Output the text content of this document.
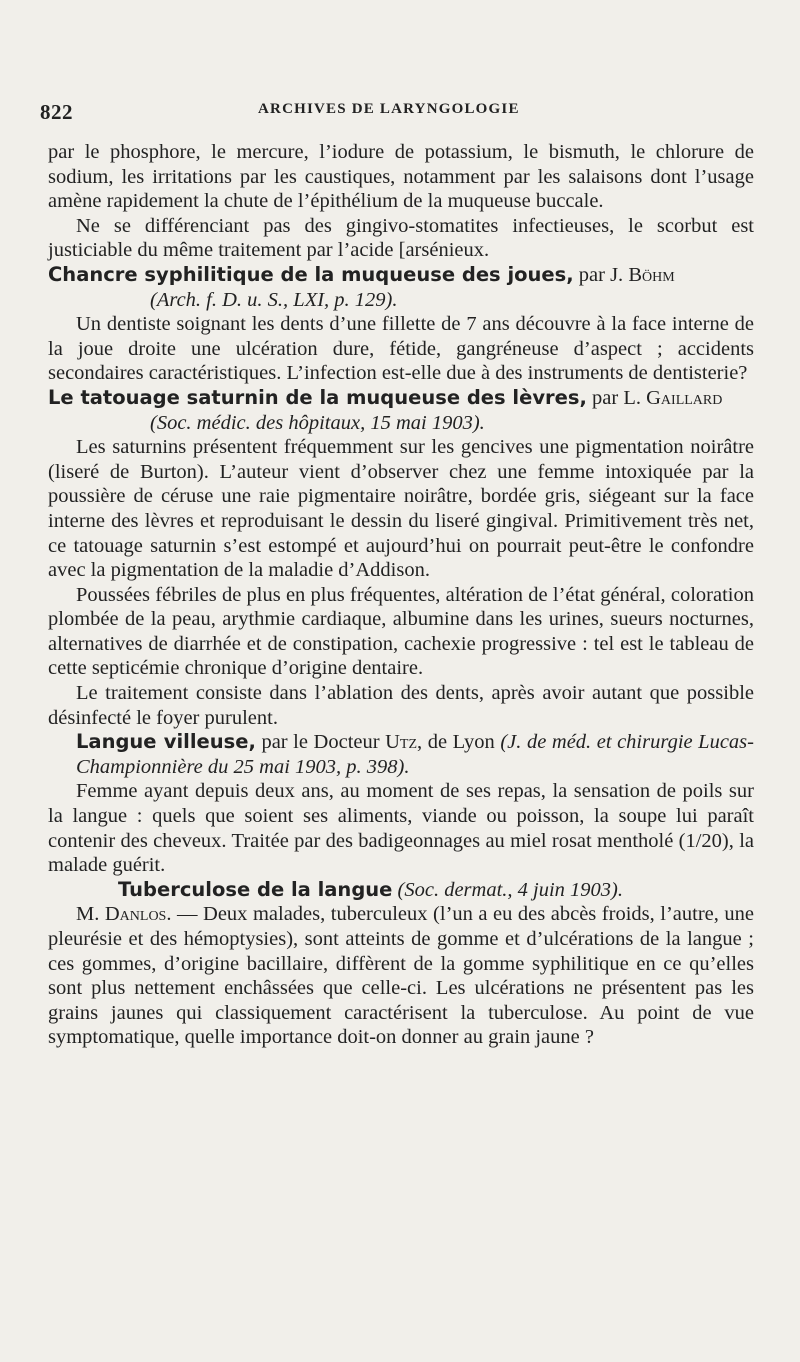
822	ARCHIVES DE LARYNGOLOGIE

par le phosphore, le mercure, l’iodure de potassium, le bismuth, le chlorure de sodium, les irritations par les caustiques, notamment par les salaisons dont l’usage amène rapidement la chute de l’épithélium de la muqueuse buccale.

Ne se différenciant pas des gingivo-stomatites infectieuses, le scorbut est justiciable du même traitement par l’acide [arsénieux.

Chancre syphilitique de la muqueuse des joues, par J. Böhm
(Arch. f. D. u. S., LXI, p. 129).

Un dentiste soignant les dents d’une fillette de 7 ans découvre à la face interne de la joue droite une ulcération dure, fétide, gangréneuse d’aspect ; accidents secondaires caractéristiques. L’infection est-elle due à des instruments de dentisterie?

Le tatouage saturnin de la muqueuse des lèvres, par L. Gaillard
(Soc. médic. des hôpitaux, 15 mai 1903).

Les saturnins présentent fréquemment sur les gencives une pigmentation noirâtre (liseré de Burton). L’auteur vient d’observer chez une femme intoxiquée par la poussière de céruse une raie pigmentaire noirâtre, bordée gris, siégeant sur la face interne des lèvres et reproduisant le dessin du liseré gingival. Primitivement très net, ce tatouage saturnin s’est estompé et aujourd’hui on pourrait peut-être le confondre avec la pigmentation de la maladie d’Addison.

Poussées fébriles de plus en plus fréquentes, altération de l’état général, coloration plombée de la peau, arythmie cardiaque, albumine dans les urines, sueurs nocturnes, alternatives de diarrhée et de constipation, cachexie progressive : tel est le tableau de cette septicémie chronique d’origine dentaire.

Le traitement consiste dans l’ablation des dents, après avoir autant que possible désinfecté le foyer purulent.

Langue villeuse, par le Docteur Utz, de Lyon (J. de méd. et chirurgie Lucas-Championnière du 25 mai 1903, p. 398).

Femme ayant depuis deux ans, au moment de ses repas, la sensation de poils sur la langue : quels que soient ses aliments, viande ou poisson, la soupe lui paraît contenir des cheveux. Traitée par des badigeonnages au miel rosat mentholé (1/20), la malade guérit.

Tuberculose de la langue (Soc. dermat., 4 juin 1903).

M. Danlos. — Deux malades, tuberculeux (l’un a eu des abcès froids, l’autre, une pleurésie et des hémoptysies), sont atteints de gomme et d’ulcérations de la langue ; ces gommes, d’origine bacillaire, diffèrent de la gomme syphilitique en ce qu’elles sont plus nettement enchâssées que celle-ci. Les ulcérations ne présentent pas les grains jaunes qui classiquement caractérisent la tuberculose. Au point de vue symptomatique, quelle importance doit-on donner au grain jaune ?
